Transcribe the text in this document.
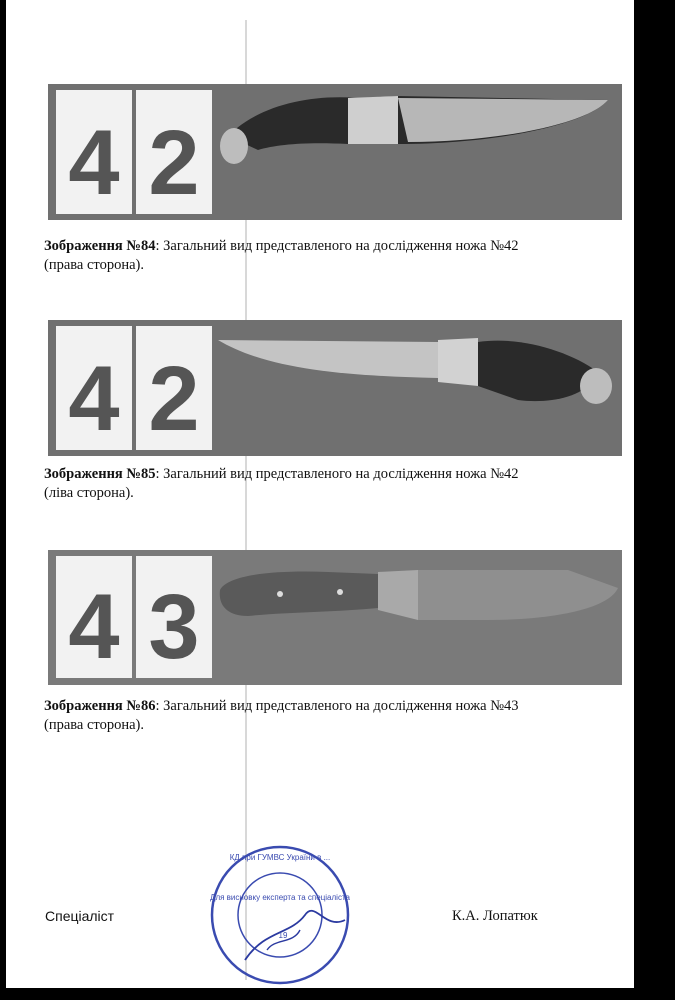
4 2
Зображення №84: Загальний вид представленого на дослідження ножа №42
(права сторона).
4 2
Зображення №85: Загальний вид представленого на дослідження ножа №42
(ліва сторона).
4 3
Зображення №86: Загальний вид представленого на дослідження ножа №43
(права сторона).
Спеціаліст	К.А. Лопатюк
Для висновку експерта та спеціаліста
КД при ГУМВС України в ...
19
